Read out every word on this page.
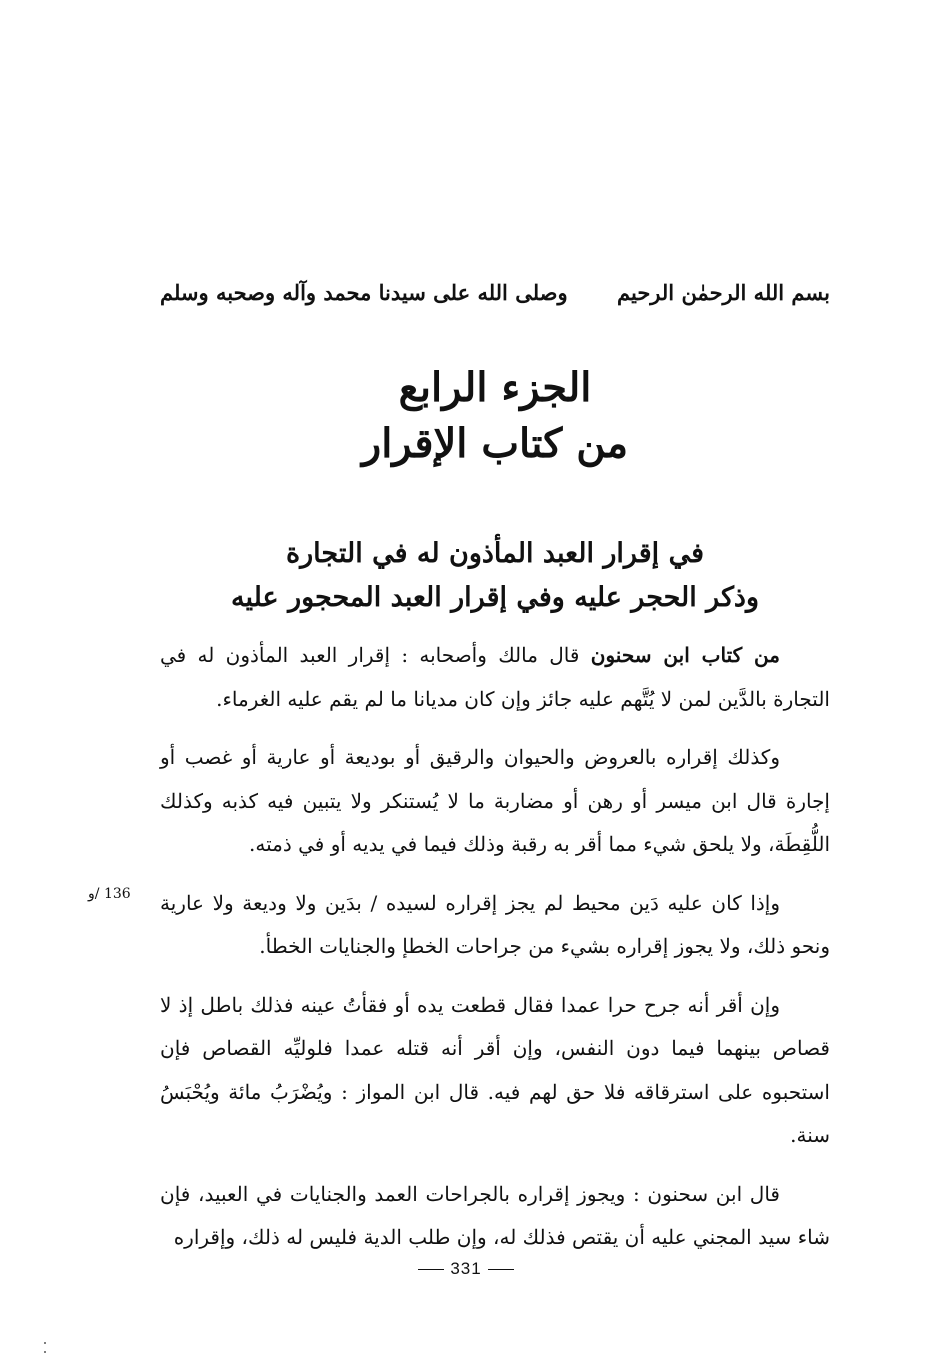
بسم الله الرحمٰن الرحيم
وصلى الله على سيدنا محمد وآله وصحبه وسلم
الجزء الرابع
من كتاب الإقرار
في إقرار العبد المأذون له في التجارة
وذكر الحجر عليه وفي إقرار العبد المحجور عليه

من كتاب ابن سحنون قال مالك وأصحابه : إقرار العبد المأذون له في التجارة بالدَّين لمن لا يُتَّهم عليه جائز وإن كان مديانا ما لم يقم عليه الغرماء.

وكذلك إقراره بالعروض والحيوان والرقيق أو بوديعة أو عارية أو غصب أو إجارة قال ابن ميسر أو رهن أو مضاربة ما لا يُستنكر ولا يتبين فيه كذبه وكذلك اللُّقِطَة، ولا يلحق شيء مما أقر به رقبة وذلك فيما في يديه أو في ذمته.

وإذا كان عليه دَين محيط لم يجز إقراره لسيده / بدَين ولا وديعة ولا عارية ونحو ذلك، ولا يجوز إقراره بشيء من جراحات الخطإ والجنايات الخطأ.

وإن أقر أنه جرح حرا عمدا فقال قطعت يده أو فقأتُ عينه فذلك باطل إذ لا قصاص بينهما فيما دون النفس، وإن أقر أنه قتله عمدا فلوليِّه القصاص فإن استحبوه على استرقاقه فلا حق لهم فيه. قال ابن المواز : ويُضْرَبُ مائة ويُحْبَسُ سنة.

قال ابن سحنون : ويجوز إقراره بالجراحات العمد والجنايات في العبيد، فإن شاء سيد المجني عليه أن يقتص فذلك له، وإن طلب الدية فليس له ذلك، وإقراره

136 /و
331
